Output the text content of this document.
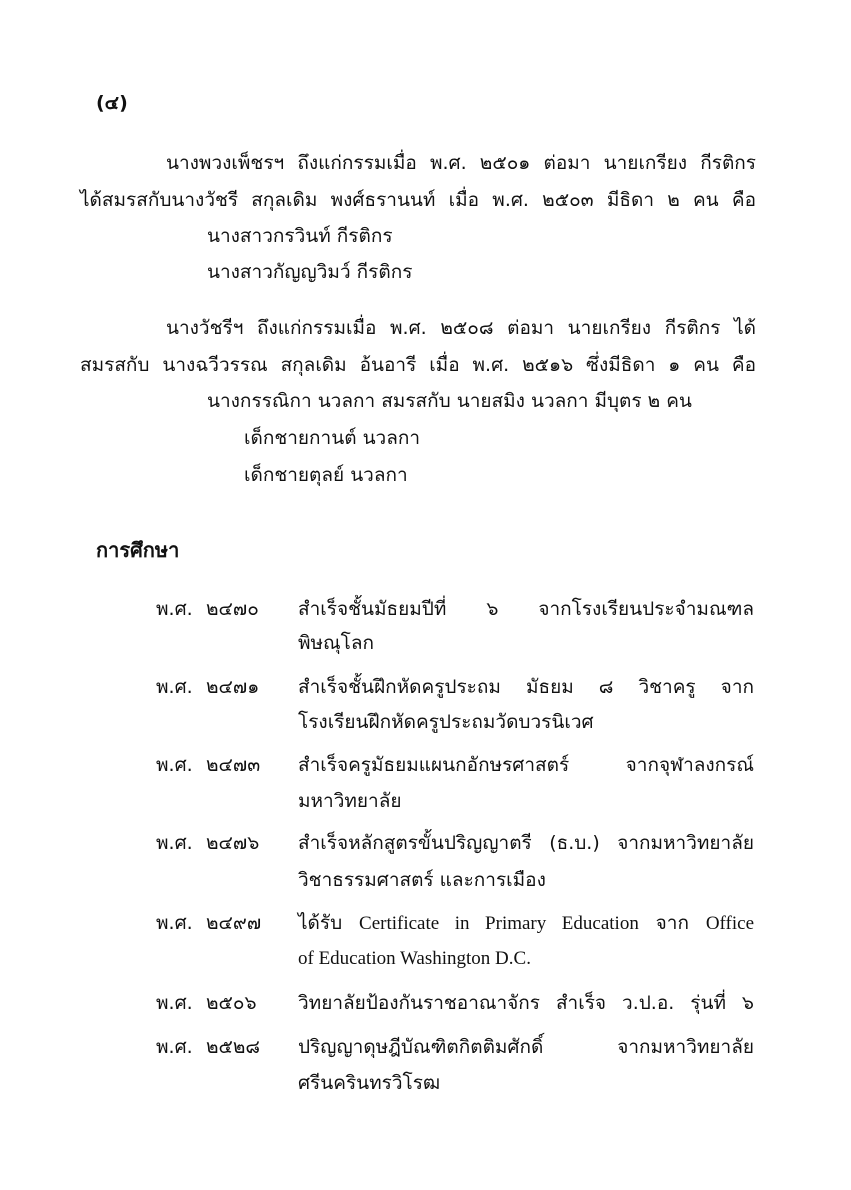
(๔)
นางพวงเพ็ชรฯ ถึงแก่กรรมเมื่อ พ.ศ. ๒๕๐๑ ต่อมา นายเกรียง กีรติกร
ได้สมรสกับนางวัชรี สกุลเดิม พงศ์ธรานนท์ เมื่อ พ.ศ. ๒๕๐๓ มีธิดา ๒ คน คือ
นางสาวกรวินท์ กีรติกร
นางสาวกัญญวิมว์ กีรติกร
นางวัชรีฯ ถึงแก่กรรมเมื่อ พ.ศ. ๒๕๐๘ ต่อมา นายเกรียง กีรติกร ได้
สมรสกับ นางฉวีวรรณ สกุลเดิม อ้นอารี เมื่อ พ.ศ. ๒๕๑๖ ซึ่งมีธิดา ๑ คน คือ
นางกรรณิกา นวลกา สมรสกับ นายสมิง นวลกา มีบุตร ๒ คน
เด็กชายกานต์ นวลกา
เด็กชายตุลย์ นวลกา
การศึกษา
พ.ศ. ๒๔๗๐	สำเร็จชั้นมัธยมปีที่ ๖ จากโรงเรียนประจำมณฑล
พิษณุโลก
พ.ศ. ๒๔๗๑	สำเร็จชั้นฝึกหัดครูประถม มัธยม ๘ วิชาครู จาก
โรงเรียนฝึกหัดครูประถมวัดบวรนิเวศ
พ.ศ. ๒๔๗๓	สำเร็จครูมัธยมแผนกอักษรศาสตร์ จากจุฬาลงกรณ์
มหาวิทยาลัย
พ.ศ. ๒๔๗๖	สำเร็จหลักสูตรขั้นปริญญาตรี (ธ.บ.) จากมหาวิทยาลัย
วิชาธรรมศาสตร์ และการเมือง
พ.ศ. ๒๔๙๗	ได้รับ Certificate in Primary Education จาก Office
of Education Washington D.C.
พ.ศ. ๒๕๐๖	วิทยาลัยป้องกันราชอาณาจักร สำเร็จ ว.ป.อ. รุ่นที่ ๖
พ.ศ. ๒๕๒๘	ปริญญาดุษฎีบัณฑิตกิตติมศักดิ์ จากมหาวิทยาลัย
ศรีนครินทรวิโรฒ
